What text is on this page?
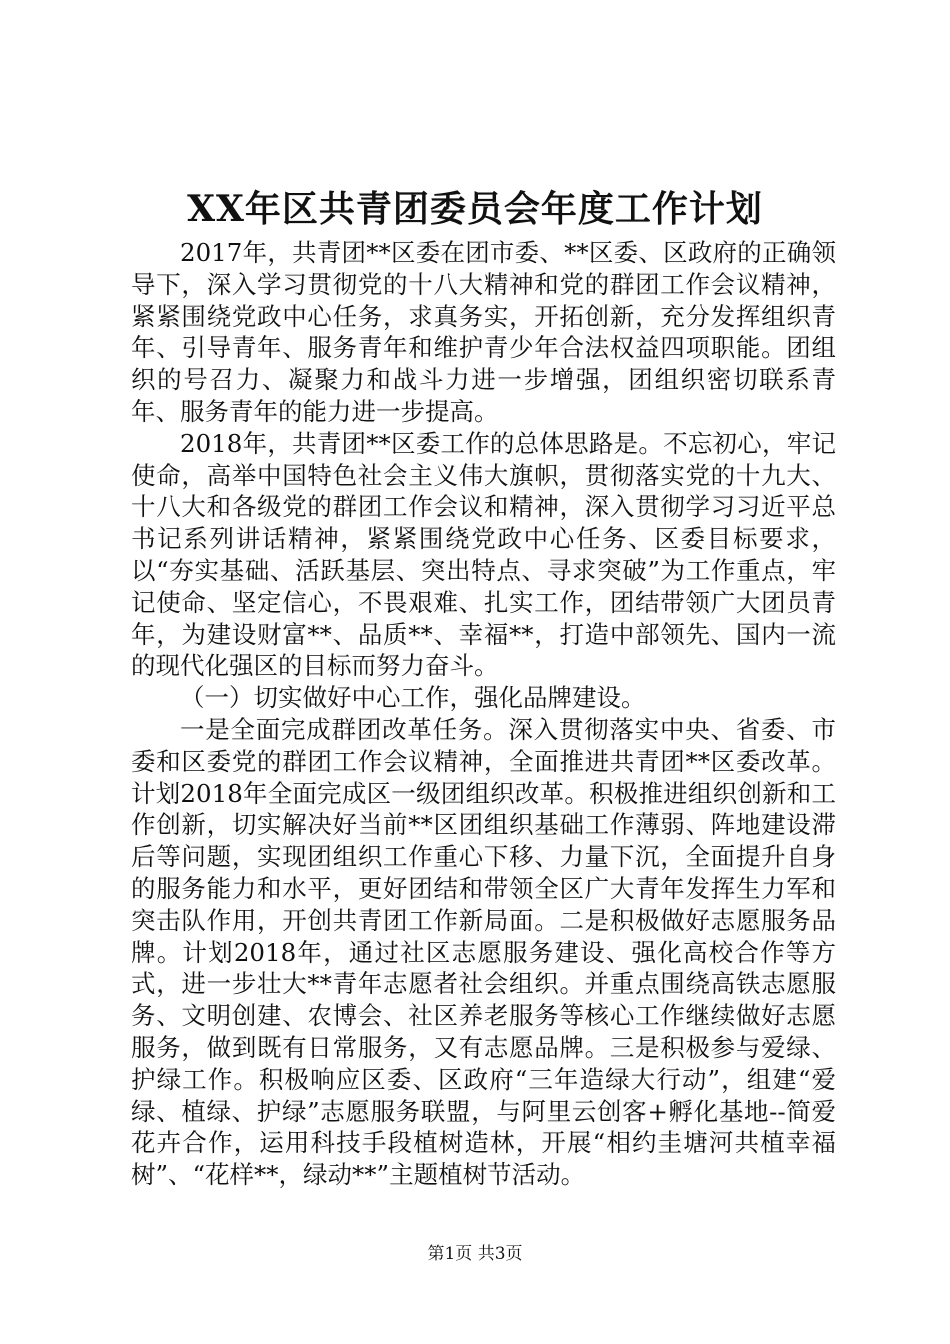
XX年区共青团委员会年度工作计划

2017年，共青团**区委在团市委、**区委、区政府的正确领导下，深入学习贯彻党的十八大精神和党的群团工作会议精神，紧紧围绕党政中心任务，求真务实，开拓创新，充分发挥组织青年、引导青年、服务青年和维护青少年合法权益四项职能。团组织的号召力、凝聚力和战斗力进一步增强，团组织密切联系青年、服务青年的能力进一步提高。

2018年，共青团**区委工作的总体思路是。不忘初心，牢记使命，高举中国特色社会主义伟大旗帜，贯彻落实党的十九大、十八大和各级党的群团工作会议和精神，深入贯彻学习习近平总书记系列讲话精神，紧紧围绕党政中心任务、区委目标要求，以“夯实基础、活跃基层、突出特点、寻求突破”为工作重点，牢记使命、坚定信心，不畏艰难、扎实工作，团结带领广大团员青年，为建设财富**、品质**、幸福**，打造中部领先、国内一流的现代化强区的目标而努力奋斗。

（一）切实做好中心工作，强化品牌建设。

一是全面完成群团改革任务。深入贯彻落实中央、省委、市委和区委党的群团工作会议精神，全面推进共青团**区委改革。计划2018年全面完成区一级团组织改革。积极推进组织创新和工作创新，切实解决好当前**区团组织基础工作薄弱、阵地建设滞后等问题，实现团组织工作重心下移、力量下沉，全面提升自身的服务能力和水平，更好团结和带领全区广大青年发挥生力军和突击队作用，开创共青团工作新局面。二是积极做好志愿服务品牌。计划2018年，通过社区志愿服务建设、强化高校合作等方式，进一步壮大**青年志愿者社会组织。并重点围绕高铁志愿服务、文明创建、农博会、社区养老服务等核心工作继续做好志愿服务，做到既有日常服务，又有志愿品牌。三是积极参与爱绿、护绿工作。积极响应区委、区政府“三年造绿大行动”，组建“爱绿、植绿、护绿”志愿服务联盟，与阿里云创客+孵化基地--简爱花卉合作，运用科技手段植树造林，开展“相约圭塘河共植幸福树”、“花样**，绿动**”主题植树节活动。

第1页 共3页
